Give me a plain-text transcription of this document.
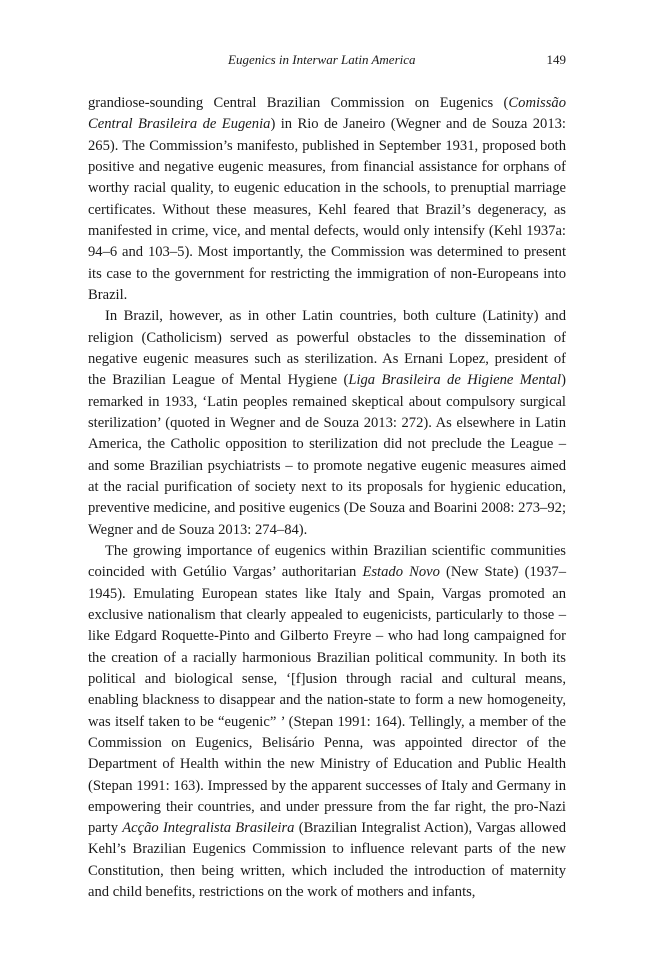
Eugenics in Interwar Latin America	149

grandiose-sounding Central Brazilian Commission on Eugenics (Comissão Central Brasileira de Eugenia) in Rio de Janeiro (Wegner and de Souza 2013: 265). The Commission’s manifesto, published in September 1931, proposed both positive and negative eugenic measures, from financial assistance for orphans of worthy racial quality, to eugenic education in the schools, to prenuptial marriage certificates. Without these measures, Kehl feared that Brazil’s degeneracy, as manifested in crime, vice, and mental defects, would only intensify (Kehl 1937a: 94–6 and 103–5). Most importantly, the Commission was determined to present its case to the government for restricting the immigration of non-Europeans into Brazil.

In Brazil, however, as in other Latin countries, both culture (Latinity) and religion (Catholicism) served as powerful obstacles to the dissemination of negative eugenic measures such as sterilization. As Ernani Lopez, president of the Brazilian League of Mental Hygiene (Liga Brasileira de Higiene Mental) remarked in 1933, ‘Latin peoples remained skeptical about compulsory surgical sterilization’ (quoted in Wegner and de Souza 2013: 272). As elsewhere in Latin America, the Catholic opposition to sterilization did not preclude the League – and some Brazilian psychiatrists – to promote negative eugenic measures aimed at the racial purification of society next to its proposals for hygienic education, preventive medicine, and positive eugenics (De Souza and Boarini 2008: 273–92; Wegner and de Souza 2013: 274–84).

The growing importance of eugenics within Brazilian scientific communities coincided with Getúlio Vargas’ authoritarian Estado Novo (New State) (1937–1945). Emulating European states like Italy and Spain, Vargas promoted an exclusive nationalism that clearly appealed to eugenicists, particularly to those – like Edgard Roquette-Pinto and Gilberto Freyre – who had long campaigned for the creation of a racially harmonious Brazilian political community. In both its political and biological sense, ‘[f]usion through racial and cultural means, enabling blackness to disappear and the nation-state to form a new homogeneity, was itself taken to be “eugenic” ’ (Stepan 1991: 164). Tellingly, a member of the Commission on Eugenics, Belisário Penna, was appointed director of the Department of Health within the new Ministry of Education and Public Health (Stepan 1991: 163). Impressed by the apparent successes of Italy and Germany in empowering their countries, and under pressure from the far right, the pro-Nazi party Acção Integralista Brasileira (Brazilian Integralist Action), Vargas allowed Kehl’s Brazilian Eugenics Commission to influence relevant parts of the new Constitution, then being written, which included the introduction of maternity and child benefits, restrictions on the work of mothers and infants,
